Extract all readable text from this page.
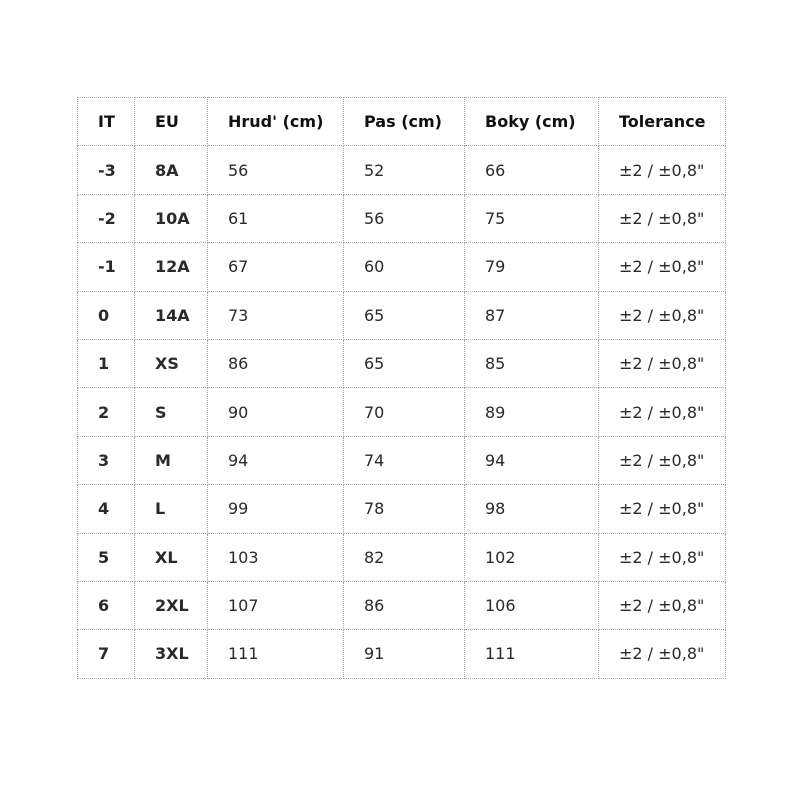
IT	EU	Hrud' (cm)	Pas (cm)	Boky (cm)	Tolerance
-3	8A	56	52	66	±2 / ±0,8"
-2	10A	61	56	75	±2 / ±0,8"
-1	12A	67	60	79	±2 / ±0,8"
0	14A	73	65	87	±2 / ±0,8"
1	XS	86	65	85	±2 / ±0,8"
2	S	90	70	89	±2 / ±0,8"
3	M	94	74	94	±2 / ±0,8"
4	L	99	78	98	±2 / ±0,8"
5	XL	103	82	102	±2 / ±0,8"
6	2XL	107	86	106	±2 / ±0,8"
7	3XL	111	91	111	±2 / ±0,8"
